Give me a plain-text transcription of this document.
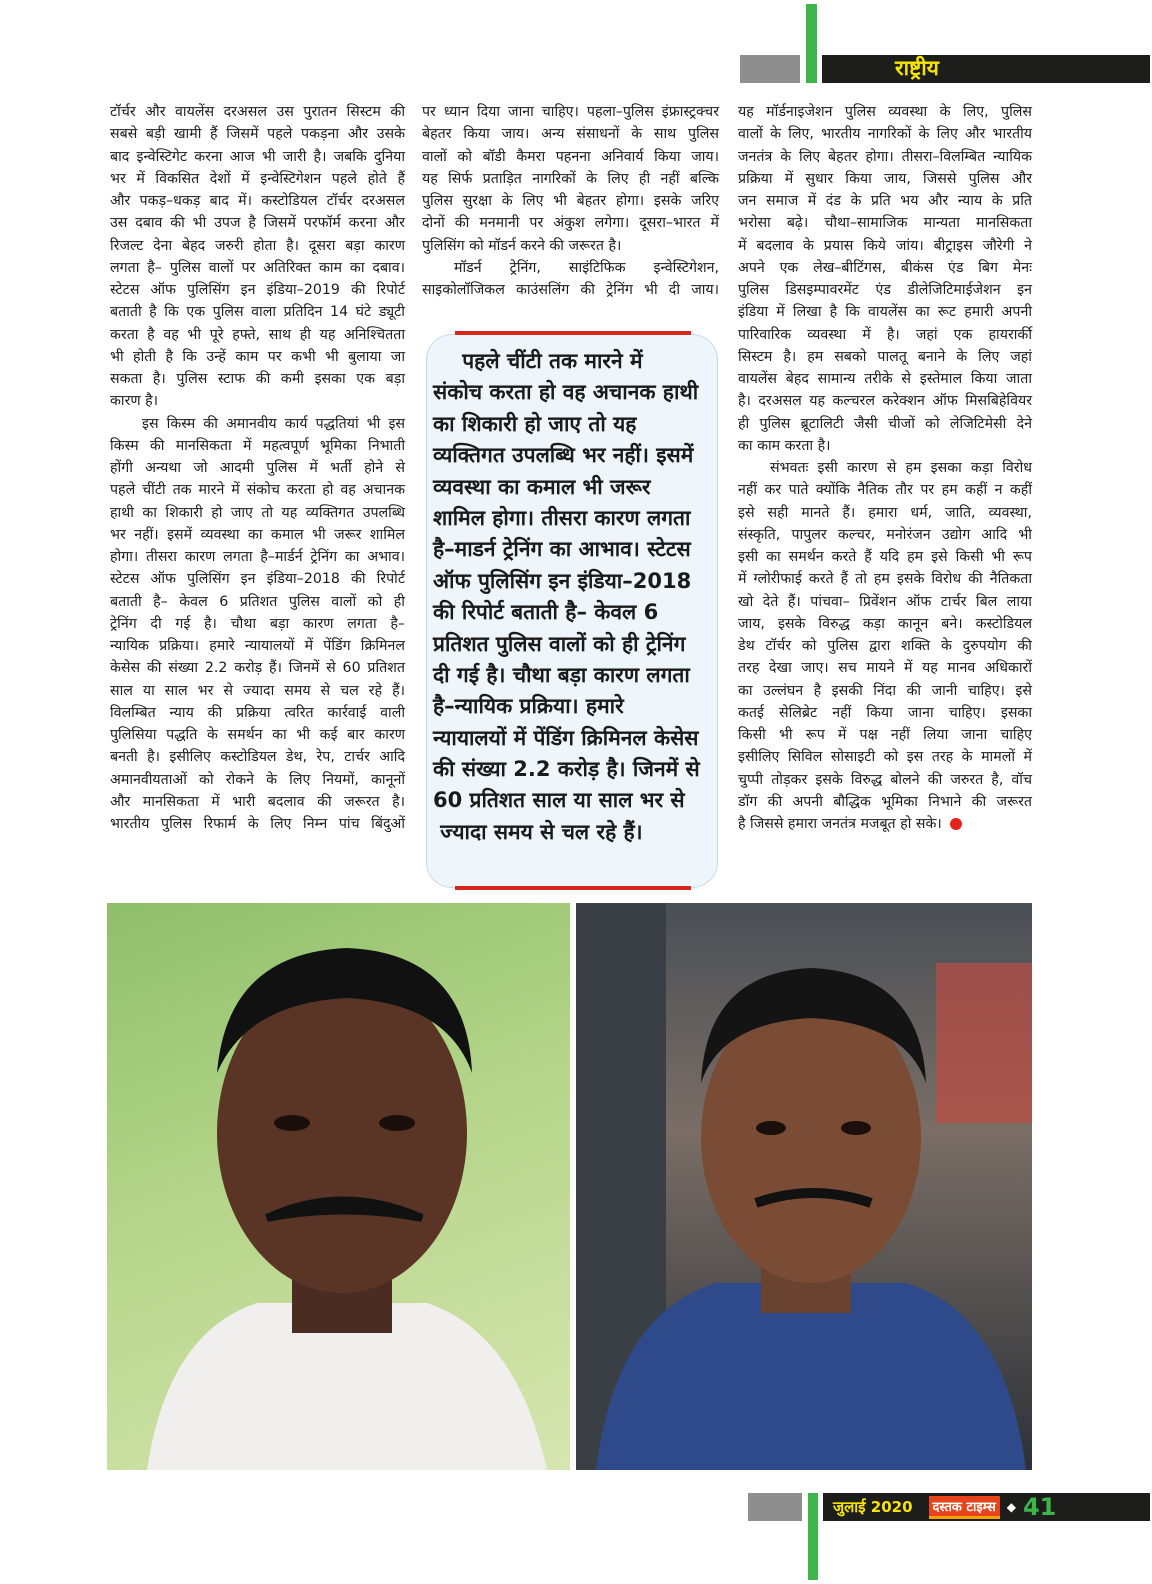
राष्ट्रीय
टॉर्चर और वायलेंस दरअसल उस पुरातन सिस्टम की
सबसे बड़ी खामी हैं जिसमें पहले पकड़ना और उसके
बाद इन्वेस्टिगेट करना आज भी जारी है। जबकि दुनिया
भर में विकसित देशों में इन्वेस्टिगेशन पहले होते हैं
और पकड़–धकड़ बाद में। कस्टोडियल टॉर्चर दरअसल
उस दबाव की भी उपज है जिसमें परफॉर्म करना और
रिजल्ट देना बेहद जरुरी होता है। दूसरा बड़ा कारण
लगता है– पुलिस वालों पर अतिरिक्त काम का दबाव।
स्टेटस ऑफ पुलिसिंग इन इंडिया–2019 की रिपोर्ट
बताती है कि एक पुलिस वाला प्रतिदिन 14 घंटे ड्यूटी
करता है वह भी पूरे हफ्ते, साथ ही यह अनिश्चितता
भी होती है कि उन्हें काम पर कभी भी बुलाया जा
सकता है। पुलिस स्टाफ की कमी इसका एक बड़ा
कारण है।
इस किस्म की अमानवीय कार्य पद्धतियां भी इस
किस्म की मानसिकता में महत्वपूर्ण भूमिका निभाती
होंगी अन्यथा जो आदमी पुलिस में भर्ती होने से
पहले चींटी तक मारने में संकोच करता हो वह अचानक
हाथी का शिकारी हो जाए तो यह व्यक्तिगत उपलब्धि
भर नहीं। इसमें व्यवस्था का कमाल भी जरूर शामिल
होगा। तीसरा कारण लगता है–मार्डर्न ट्रेनिंग का अभाव।
स्टेटस ऑफ पुलिसिंग इन इंडिया–2018 की रिपोर्ट
बताती है– केवल 6 प्रतिशत पुलिस वालों को ही
ट्रेनिंग दी गई है। चौथा बड़ा कारण लगता है–
न्यायिक प्रक्रिया। हमारे न्यायालयों में पेंडिंग क्रिमिनल
केसेस की संख्या 2.2 करोड़ हैं। जिनमें से 60 प्रतिशत
साल या साल भर से ज्यादा समय से चल रहे हैं।
विलम्बित न्याय की प्रक्रिया त्वरित कार्रवाई वाली
पुलिसिया पद्धति के समर्थन का भी कई बार कारण
बनती है। इसीलिए कस्टोडियल डेथ, रेप, टार्चर आदि
अमानवीयताओं को रोकने के लिए नियमों, कानूनों
और मानसिकता में भारी बदलाव की जरूरत है।
भारतीय पुलिस रिफार्म के लिए निम्न पांच बिंदुओं
पर ध्यान दिया जाना चाहिए। पहला–पुलिस इंफ्रास्ट्रक्चर
बेहतर किया जाय। अन्य संसाधनों के साथ पुलिस
वालों को बॉडी कैमरा पहनना अनिवार्य किया जाय।
यह सिर्फ प्रताड़ित नागरिकों के लिए ही नहीं बल्कि
पुलिस सुरक्षा के लिए भी बेहतर होगा। इसके जरिए
दोनों की मनमानी पर अंकुश लगेगा। दूसरा–भारत में
पुलिसिंग को मॉडर्न करने की जरूरत है।
मॉडर्न ट्रेनिंग, साइंटिफिक इन्वेस्टिगेशन,
साइकोलॉजिकल काउंसलिंग की ट्रेनिंग भी दी जाय।
यह मॉर्डनाइजेशन पुलिस व्यवस्था के लिए, पुलिस
वालों के लिए, भारतीय नागरिकों के लिए और भारतीय
जनतंत्र के लिए बेहतर होगा। तीसरा–विलम्बित न्यायिक
प्रक्रिया में सुधार किया जाय, जिससे पुलिस और
जन समाज में दंड के प्रति भय और न्याय के प्रति
भरोसा बढ़े। चौथा–सामाजिक मान्यता मानसिकता
में बदलाव के प्रयास किये जांय। बीट्राइस जौरेगी ने
अपने एक लेख–बीटिंगस, बीकंस एंड बिग मेनः
पुलिस डिसइम्पावरमेंट एंड डीलेजिटिमाईजेशन इन
इंडिया में लिखा है कि वायलेंस का रूट हमारी अपनी
पारिवारिक व्यवस्था में है। जहां एक हायरार्की
सिस्टम है। हम सबको पालतू बनाने के लिए जहां
वायलेंस बेहद सामान्य तरीके से इस्तेमाल किया जाता
है। दरअसल यह कल्चरल करेक्शन ऑफ मिसबिहेवियर
ही पुलिस ब्रूटालिटी जैसी चीजों को लेजिटिमेसी देने
का काम करता है।
संभवतः इसी कारण से हम इसका कड़ा विरोध
नहीं कर पाते क्योंकि नैतिक तौर पर हम कहीं न कहीं
इसे सही मानते हैं। हमारा धर्म, जाति, व्यवस्था,
संस्कृति, पापुलर कल्चर, मनोरंजन उद्योग आदि भी
इसी का समर्थन करते हैं यदि हम इसे किसी भी रूप
में ग्लोरीफाई करते हैं तो हम इसके विरोध की नैतिकता
खो देते हैं। पांचवा– प्रिवेंशन ऑफ टार्चर बिल लाया
जाय, इसके विरुद्ध कड़ा कानून बने। कस्टोडियल
डेथ टॉर्चर को पुलिस द्वारा शक्ति के दुरुपयोग की
तरह देखा जाए। सच मायने में यह मानव अधिकारों
का उल्लंघन है इसकी निंदा की जानी चाहिए। इसे
कतई सेलिब्रेट नहीं किया जाना चाहिए। इसका
किसी भी रूप में पक्ष नहीं लिया जाना चाहिए
इसीलिए सिविल सोसाइटी को इस तरह के मामलों में
चुप्पी तोड़कर इसके विरुद्ध बोलने की जरुरत है, वॉच
डॉग की अपनी बौद्धिक भूमिका निभाने की जरूरत
है जिससे हमारा जनतंत्र मजबूत हो सके।
पहले चींटी तक मारने में
संकोच करता हो वह अचानक हाथी
का शिकारी हो जाए तो यह
व्यक्तिगत उपलब्धि भर नहीं। इसमें
व्यवस्था का कमाल भी जरूर
शामिल होगा। तीसरा कारण लगता
है–माडर्न ट्रेनिंग का आभाव। स्टेटस
ऑफ पुलिसिंग इन इंडिया–2018
की रिपोर्ट बताती है– केवल 6
प्रतिशत पुलिस वालों को ही ट्रेनिंग
दी गई है। चौथा बड़ा कारण लगता
है–न्यायिक प्रक्रिया। हमारे
न्यायालयों में पेंडिंग क्रिमिनल केसेस
की संख्या 2.2 करोड़ है। जिनमें से
60 प्रतिशत साल या साल भर से
ज्यादा समय से चल रहे हैं।
जुलाई 2020	दस्तक टाइम्स ◆ 41
